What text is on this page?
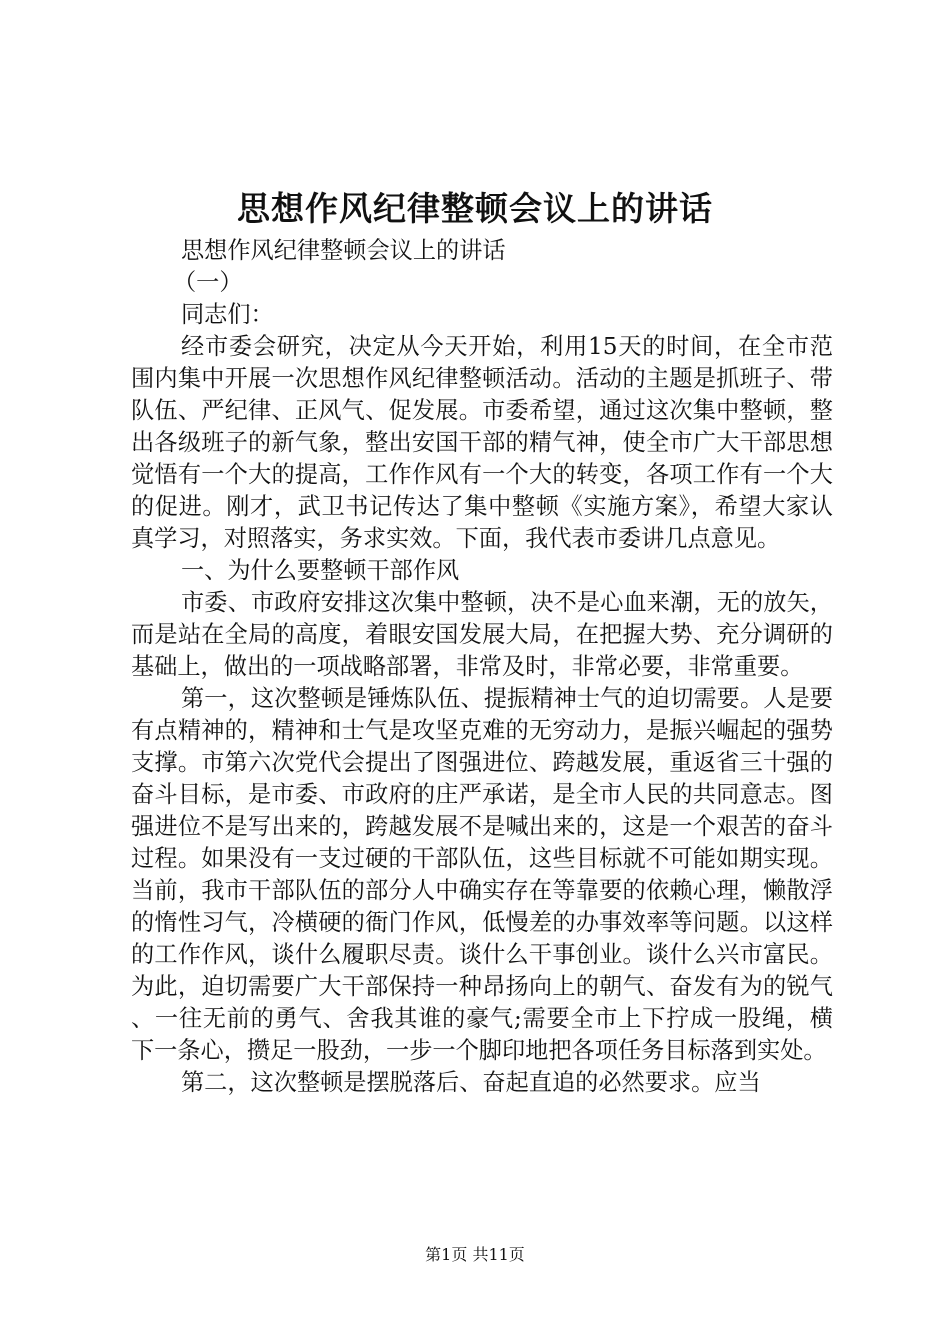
思想作风纪律整顿会议上的讲话

思想作风纪律整顿会议上的讲话

（一）

同志们：

经市委会研究，决定从今天开始，利用15天的时间，在全市范围内集中开展一次思想作风纪律整顿活动。活动的主题是抓班子、带队伍、严纪律、正风气、促发展。市委希望，通过这次集中整顿，整出各级班子的新气象，整出安国干部的精气神，使全市广大干部思想觉悟有一个大的提高，工作作风有一个大的转变，各项工作有一个大的促进。刚才，武卫书记传达了集中整顿《实施方案》，希望大家认真学习，对照落实，务求实效。下面，我代表市委讲几点意见。

一、为什么要整顿干部作风

市委、市政府安排这次集中整顿，决不是心血来潮，无的放矢，而是站在全局的高度，着眼安国发展大局，在把握大势、充分调研的基础上，做出的一项战略部署，非常及时，非常必要，非常重要。

第一，这次整顿是锤炼队伍、提振精神士气的迫切需要。人是要有点精神的，精神和士气是攻坚克难的无穷动力，是振兴崛起的强势支撑。市第六次党代会提出了图强进位、跨越发展，重返省三十强的奋斗目标，是市委、市政府的庄严承诺，是全市人民的共同意志。图强进位不是写出来的，跨越发展不是喊出来的，这是一个艰苦的奋斗过程。如果没有一支过硬的干部队伍，这些目标就不可能如期实现。当前，我市干部队伍的部分人中确实存在等靠要的依赖心理，懒散浮的惰性习气，冷横硬的衙门作风，低慢差的办事效率等问题。以这样的工作作风，谈什么履职尽责。谈什么干事创业。谈什么兴市富民。为此，迫切需要广大干部保持一种昂扬向上的朝气、奋发有为的锐气、一往无前的勇气、舍我其谁的豪气;需要全市上下拧成一股绳，横下一条心，攒足一股劲，一步一个脚印地把各项任务目标落到实处。

第二，这次整顿是摆脱落后、奋起直追的必然要求。应当

第1页 共11页
